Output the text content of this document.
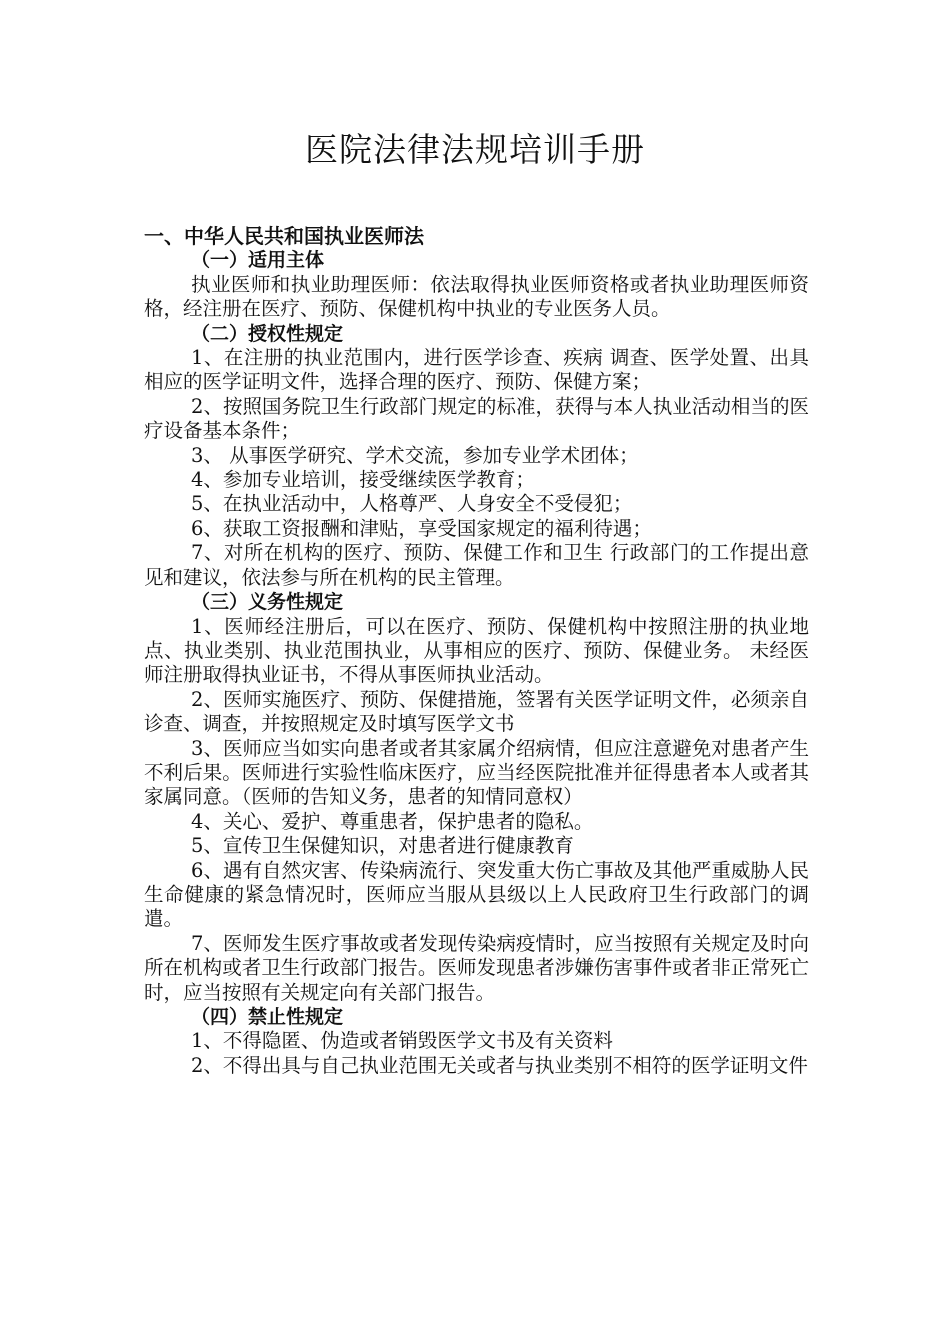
医院法律法规培训手册
一、中华人民共和国执业医师法
（一）适用主体
执业医师和执业助理医师：依法取得执业医师资格或者执业助理医师资格，经注册在医疗、预防、保健机构中执业的专业医务人员。
（二）授权性规定
1、在注册的执业范围内，进行医学诊查、疾病 调查、医学处置、出具相应的医学证明文件，选择合理的医疗、预防、保健方案；
2、按照国务院卫生行政部门规定的标准，获得与本人执业活动相当的医疗设备基本条件；
3、 从事医学研究、学术交流，参加专业学术团体；
4、参加专业培训，接受继续医学教育；
5、在执业活动中，人格尊严、人身安全不受侵犯；
6、获取工资报酬和津贴，享受国家规定的福利待遇；
7、对所在机构的医疗、预防、保健工作和卫生 行政部门的工作提出意见和建议，依法参与所在机构的民主管理。
（三）义务性规定
1、医师经注册后，可以在医疗、预防、保健机构中按照注册的执业地点、执业类别、执业范围执业，从事相应的医疗、预防、保健业务。 未经医师注册取得执业证书，不得从事医师执业活动。
2、医师实施医疗、预防、保健措施，签署有关医学证明文件，必须亲自诊查、调查，并按照规定及时填写医学文书
3、医师应当如实向患者或者其家属介绍病情，但应注意避免对患者产生不利后果。医师进行实验性临床医疗，应当经医院批准并征得患者本人或者其家属同意。（医师的告知义务，患者的知情同意权）
4、关心、爱护、尊重患者，保护患者的隐私。
5、宣传卫生保健知识，对患者进行健康教育
6、遇有自然灾害、传染病流行、突发重大伤亡事故及其他严重威胁人民生命健康的紧急情况时，医师应当服从县级以上人民政府卫生行政部门的调遣。
7、医师发生医疗事故或者发现传染病疫情时，应当按照有关规定及时向所在机构或者卫生行政部门报告。医师发现患者涉嫌伤害事件或者非正常死亡时，应当按照有关规定向有关部门报告。
（四）禁止性规定
1、不得隐匿、伪造或者销毁医学文书及有关资料
2、不得出具与自己执业范围无关或者与执业类别不相符的医学证明文件
